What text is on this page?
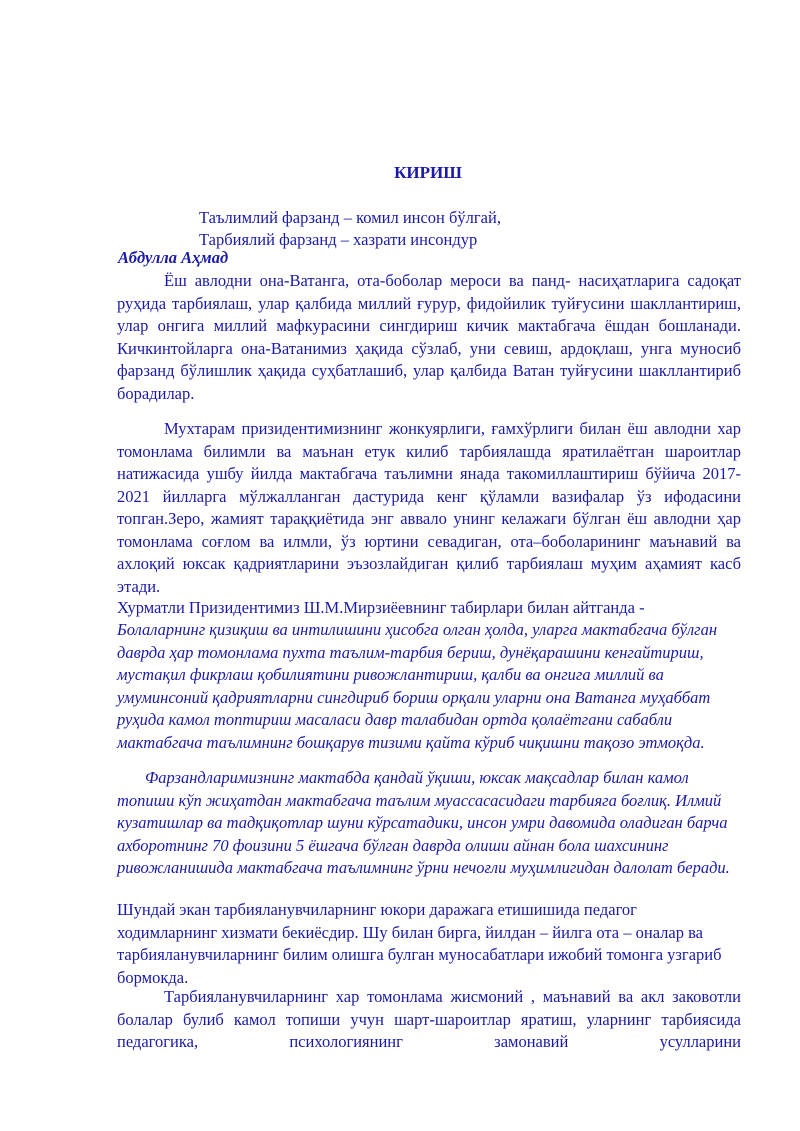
КИРИШ
Таълимлий фарзанд – комил инсон бўлгай,
Тарбиялий фарзанд – хазрати инсондур
Абдулла Аҳмад

Ёш авлодни она-Ватанга, ота-боболар мероси ва панд- насиҳатларига садоқат руҳида тарбиялаш, улар қалбида миллий ғурур, фидойилик туйғусини шакллантириш, улар онгига миллий мафкурасини сингдириш кичик мактабгача ёшдан бошланади. Кичкинтойларга она-Ватанимиз ҳақида сўзлаб, уни севиш, ардоқлаш, унга муносиб фарзанд бўлишлик ҳақида суҳбатлашиб, улар қалбида Ватан туйғусини шакллантириб борадилар.

Мухтарам призидентимизнинг жонкуярлиги, ғамхўрлиги билан ёш авлодни хар томонлама билимли ва маънан етук килиб тарбиялашда яратилаётган шароитлар натижасида ушбу йилда мактабгача таълимни янада такомиллаштириш бўйича 2017-2021 йилларга мўлжалланган дастурида кенг қўламли вазифалар ўз ифодасини топган.Зеро, жамият тараққиётида энг аввало унинг келажаги бўлган ёш авлодни ҳар томонлама соғлом ва илмли, ўз юртини севадиган, ота–боболарининг маънавий ва ахлоқий юксак қадриятларини эъзозлайдиган қилиб тарбиялаш муҳим аҳамият касб этади.

Хурматли Призидентимиз Ш.М.Мирзиёевнинг табирлари билан айтганда -

Болаларнинг қизиқиш ва интилишини ҳисобга олган ҳолда, уларга мактабгача бўлган даврда ҳар томонлама пухта таълим-тарбия бериш, дунёқарашини кенгайтириш, мустақил фикрлаш қобилиятини ривожлантириш, қалби ва онгига миллий ва умуминсоний қадриятларни сингдириб бориш орқали уларни она Ватанга муҳаббат руҳида камол топтириш масаласи давр талабидан ортда қолаётгани сабабли мактабгача таълимнинг бошқарув тизими қайта кўриб чиқишни тақозо этмоқда.

Фарзандларимизнинг мактабда қандай ўқиши, юксак мақсадлар билан камол топиши кўп жиҳатдан мактабгача таълим муассасасидаги тарбияга боғлиқ. Илмий кузатишлар ва тадқиқотлар шуни кўрсатадики, инсон умри давомида оладиган барча ахборотнинг 70 фоизини 5 ёшгача бўлган даврда олиши айнан бола шахсининг ривожланишида мактабгача таълимнинг ўрни нечоғли муҳимлигидан далолат беради.

Шундай экан тарбияланувчиларнинг юкори даражага етишишида педагог ходимларнинг хизмати бекиёсдир. Шу билан бирга, йилдан – йилга ота – оналар ва тарбияланувчиларнинг билим олишга булган муносабатлари ижобий томонга узгариб бормокда.

Тарбияланувчиларнинг хар томонлама жисмоний , маънавий ва акл заковотли болалар булиб камол топиши учун шарт-шароитлар яратиш, уларнинг тарбиясида педагогика, психологиянинг замонавий усулларини
